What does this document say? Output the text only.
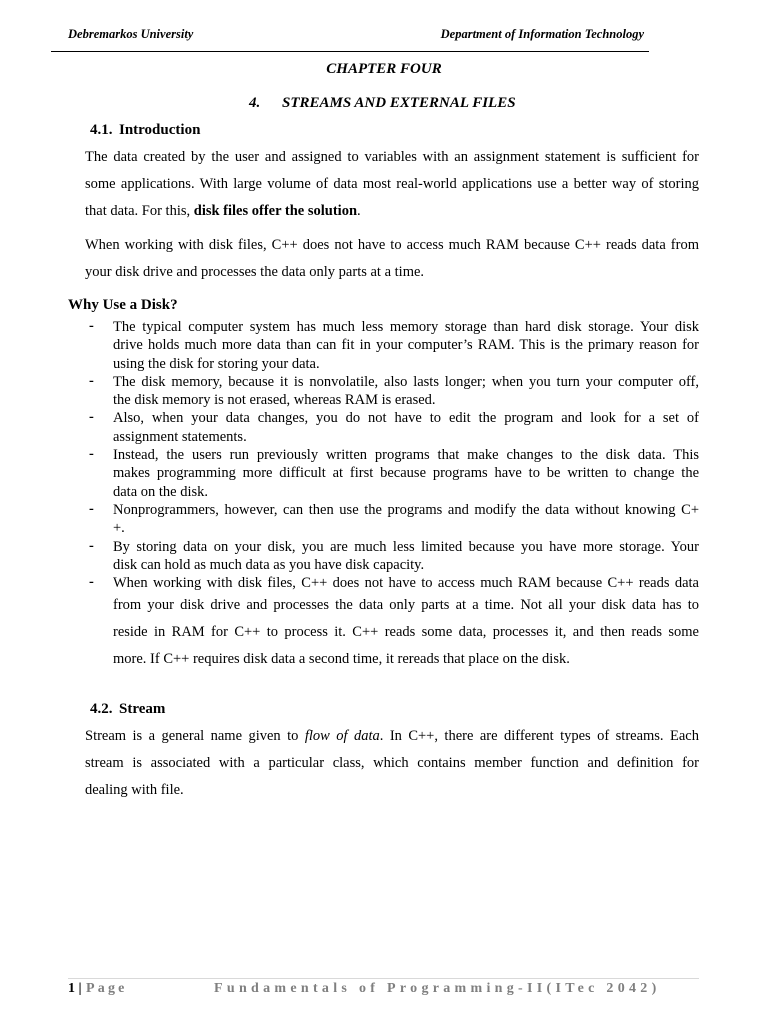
Debremarkos University	Department of Information Technology
CHAPTER FOUR
4. STREAMS AND EXTERNAL FILES
4.1. Introduction
The data created by the user and assigned to variables with an assignment statement is sufficient for
some applications. With large volume of data most real-world applications use a better way of storing
that data. For this, disk files offer the solution.
When working with disk files, C++ does not have to access much RAM because C++ reads data from
your disk drive and processes the data only parts at a time.
Why Use a Disk?
- The typical computer system has much less memory storage than hard disk storage. Your disk
drive holds much more data than can fit in your computer’s RAM. This is the primary reason for
using the disk for storing your data.
- The disk memory, because it is nonvolatile, also lasts longer; when you turn your computer off,
the disk memory is not erased, whereas RAM is erased.
- Also, when your data changes, you do not have to edit the program and look for a set of
assignment statements.
- Instead, the users run previously written programs that make changes to the disk data. This
makes programming more difficult at first because programs have to be written to change the
data on the disk.
- Nonprogrammers, however, can then use the programs and modify the data without knowing C+
+.
- By storing data on your disk, you are much less limited because you have more storage. Your
disk can hold as much data as you have disk capacity.
- When working with disk files, C++ does not have to access much RAM because C++ reads data
from your disk drive and processes the data only parts at a time. Not all your disk data has to
reside in RAM for C++ to process it. C++ reads some data, processes it, and then reads some
more. If C++ requires disk data a second time, it rereads that place on the disk.
4.2. Stream
Stream is a general name given to flow of data. In C++, there are different types of streams. Each
stream is associated with a particular class, which contains member function and definition for
dealing with file.
1 | Page	Fundamentals of Programming-II(ITec 2042)
